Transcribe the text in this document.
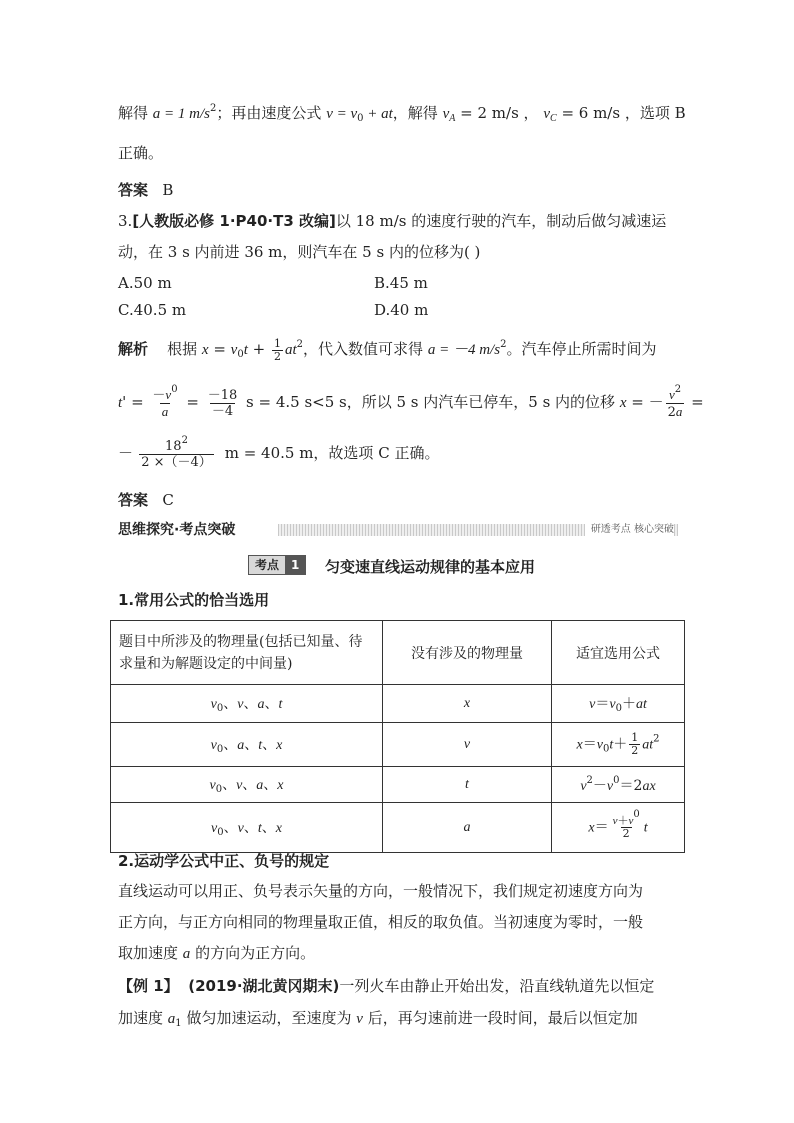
解得 a = 1 $m/s^2$；再由速度公式 $v = v_0$ + at，解得 $v_A = 2$ m/s ， $v_C = 6$ m/s ，选项 B
正确。
答案 B
3.[人教版必修 1·P40·T3 改编]以 18 m/s 的速度行驶的汽车，制动后做匀减速运
动，在 3 s 内前进 36 m，则汽车在 5 s 内的位移为( )
A.50 m	B.45 m
C.40.5 m	D.40 m
解析 根据 $x = v_0t + \frac{1}{2} at^2$，代入数值可求得 a = －4 $m/s^2$。汽车停止所需时间为
$t' = \frac{-v^0}{a} = \frac{-18}{-4}$ s = 4.5 s<5 s，所以 5 s 内汽车已停车，5 s 内的位移 x = － $\frac{v^2}{2a}$ =
－ $\frac{18^2}{2 \times(-4)}$ m = 40.5 m，故选项 C 正确。
答案 C
思维探究·考点突破	研透考点 核心突破
考点	1	匀变速直线运动规律的基本应用
1.常用公式的恰当选用
题目中所涉及的物理量(包括已知量、待求量和为解题设定的中间量)	没有涉及的物理量	适宜选用公式
$v_0$、v、a、t	x	$v=v_0+at$
$v_0$、a、t、x	v	$x=v_0t+ \frac{1}{2} at^2$
$v_0$、v、a、x	t	$v^2-v^0=2ax$
$v_0$、v、t、x	a	$x= \frac{v+v^0}{2}$ t
2.运动学公式中正、负号的规定
直线运动可以用正、负号表示矢量的方向，一般情况下，我们规定初速度方向为
正方向，与正方向相同的物理量取正值，相反的取负值。当初速度为零时，一般
取加速度 a 的方向为正方向。
【例 1】 (2019·湖北黄冈期末)一列火车由静止开始出发，沿直线轨道先以恒定
加速度 $a_1$ 做匀加速运动，至速度为 v 后，再匀速前进一段时间，最后以恒定加
